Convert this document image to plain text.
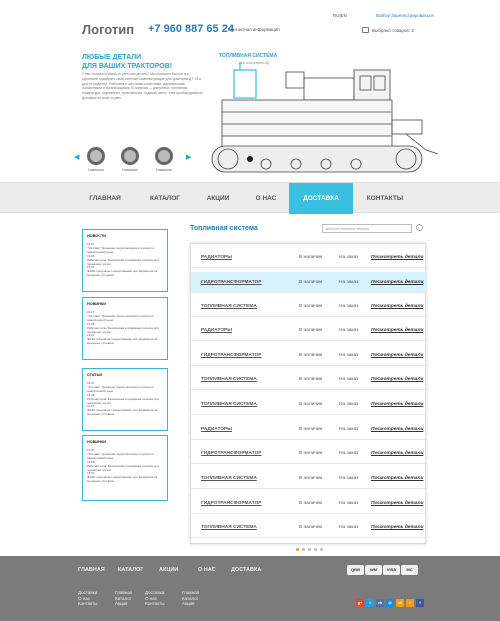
Логотип +7 960 887 65 24
Контактная информация
RU|EN	Войти/ Зарегистрироваться
Выбрано товаров: 3
ЛЮБЫЕ ДЕТАЛИ
ДЛЯ ВАШИХ ТРАКТОРОВ!
У вас сломался какой-то узел или деталь? Мы поможем быстро и с гарантией подобрать качественные комплектующие для тракторов ДТ-75 и других моделей. Работаем с частными клиентами, фермерскими хозяйствами и организациями. В наличии — двигатели, топливная аппаратура, гидравлика, трансмиссия, ходовая часть, электрооборудование. Доставка по всей стране.
◀
Название	Название	Название
▶
ТОПЛИВНАЯ СИСТЕМА
(14 исполнений)
ГЛАВНАЯ	КАТАЛОГ	АКЦИИ	О НАС	ДОСТАВКА	КОНТАКТЫ
НОВОСТИ
19.07
"Топливо" Хранение подсолнечника и гороха по самой низкой цене
19.08
Рабочая сила: Безопасная и надёжная техника для перевозки грузов
19.07
ФАЗО предлагает кредитование для фермеров на выгодных условиях
НОВИНКИ
19.07
"Топливо" Хранение подсолнечника и гороха по самой низкой цене
19.08
Рабочая сила: Безопасная и надёжная техника для перевозки грузов
19.07
ФАЗО предлагает кредитование для фермеров на выгодных условиях
СТАТЬИ
19.07
"Топливо" Хранение подсолнечника и гороха по самой низкой цене
19.08
Рабочая сила: Безопасная и надёжная техника для перевозки грузов
19.07
ФАЗО предлагает кредитование для фермеров на выгодных условиях
НОВИНКИ
19.07
"Топливо" Хранение подсолнечника и гороха по самой низкой цене
19.08
Рабочая сила: Безопасная и надёжная техника для перевозки грузов
19.07
ФАЗО предлагает кредитование для фермеров на выгодных условиях
Топливная система	найдите название детали
РАДИАТОРЫ	В наличии	На заказ	Посмотреть детали
ГИДРОТРАНСФОРМАТОР	В наличии	На заказ	Посмотреть детали
ТОПЛИВНАЯ СИСТЕМА	В наличии	На заказ	Посмотреть детали
РАДИАТОРЫ	В наличии	На заказ	Посмотреть детали
ГИДРОТРАНСФОРМАТОР	В наличии	На заказ	Посмотреть детали
ТОПЛИВНАЯ СИСТЕМА	В наличии	На заказ	Посмотреть детали
ТОПЛИВНАЯ СИСТЕМА	В наличии	На заказ	Посмотреть детали
РАДИАТОРЫ	В наличии	На заказ	Посмотреть детали
ГИДРОТРАНСФОРМАТОР	В наличии	На заказ	Посмотреть детали
ТОПЛИВНАЯ СИСТЕМА	В наличии	На заказ	Посмотреть детали
ГИДРОТРАНСФОРМАТОР	В наличии	На заказ	Посмотреть детали
ТОПЛИВНАЯ СИСТЕМА	В наличии	На заказ	Посмотреть детали
ГЛАВНАЯ КАТАЛОГ	АКЦИИ	О НАС	ДОСТАВКА
Доставка
О нас
Контакты
Главная
Каталог
Акция
Доставка
О нас
Контакты
Главная
Каталог
Акция
QIWI	WM	VISA	MC
g+	t	vk	@	ok	r	f
